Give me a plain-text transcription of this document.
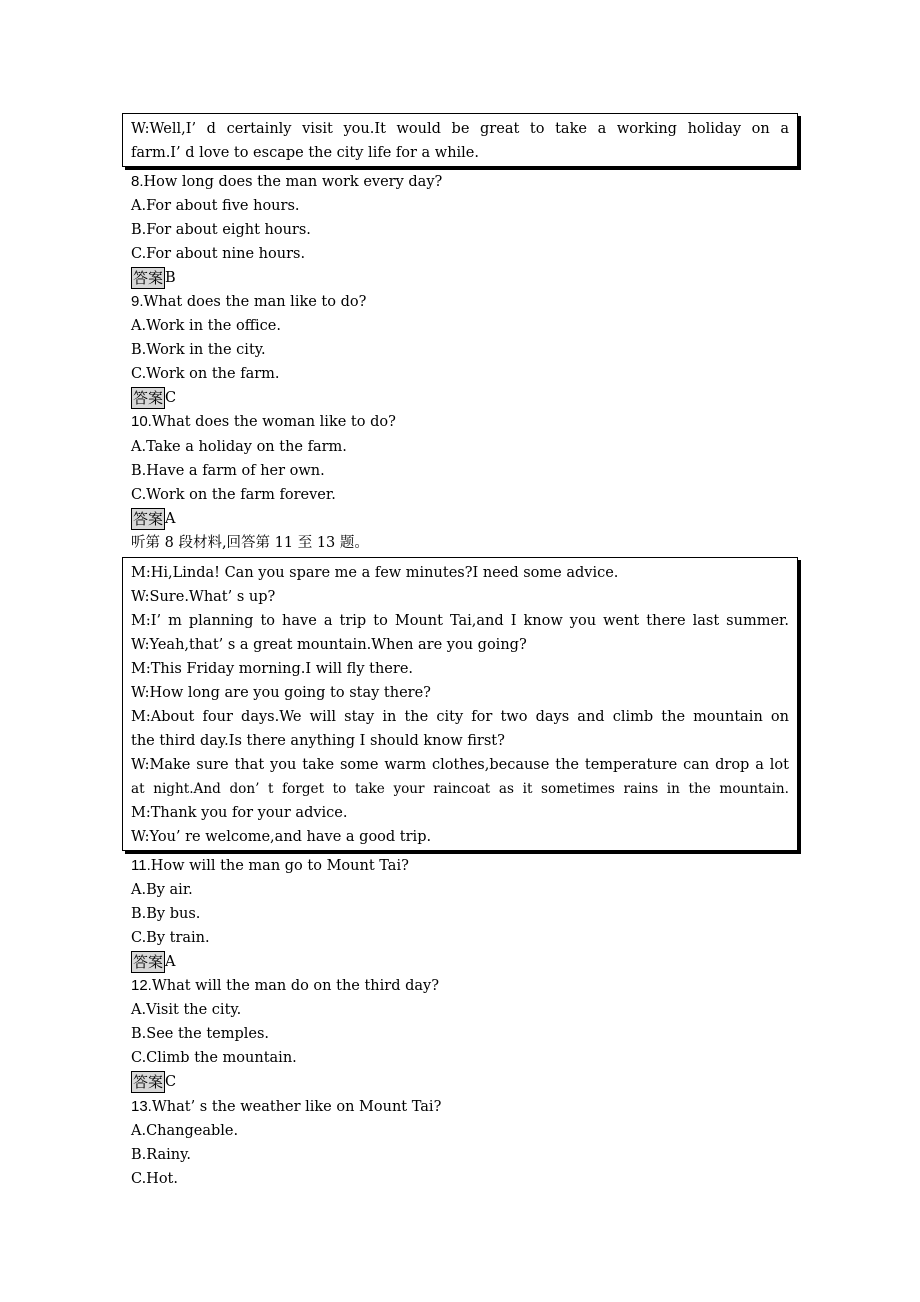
W:Well,I’ d certainly visit you.It would be great to take a working holiday on a
farm.I’ d love to escape the city life for a while.
8.How long does the man work every day?
A.For about five hours.
B.For about eight hours.
C.For about nine hours.
答案 B
9.What does the man like to do?
A.Work in the office.
B.Work in the city.
C.Work on the farm.
答案 C
10.What does the woman like to do?
A.Take a holiday on the farm.
B.Have a farm of her own.
C.Work on the farm forever.
答案 A
听第 8 段材料,回答第 11 至 13 题。
M:Hi,Linda! Can you spare me a few minutes?I need some advice.
W:Sure.What’ s up?
M:I’ m planning to have a trip to Mount Tai,and I know you went there last summer.
W:Yeah,that’ s a great mountain.When are you going?
M:This Friday morning.I will fly there.
W:How long are you going to stay there?
M:About four days.We will stay in the city for two days and climb the mountain on
the third day.Is there anything I should know first?
W:Make sure that you take some warm clothes,because the temperature can drop a lot
at night.And don’ t forget to take your raincoat as it sometimes rains in the mountain.
M:Thank you for your advice.
W:You’ re welcome,and have a good trip.
11.How will the man go to Mount Tai?
A.By air.
B.By bus.
C.By train.
答案 A
12.What will the man do on the third day?
A.Visit the city.
B.See the temples.
C.Climb the mountain.
答案 C
13.What’ s the weather like on Mount Tai?
A.Changeable.
B.Rainy.
C.Hot.
